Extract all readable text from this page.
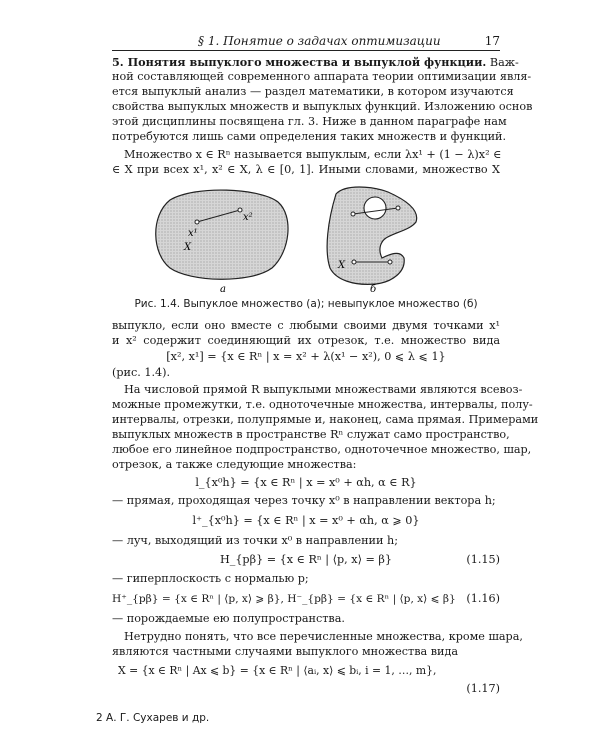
§ 1. Понятие о задачах оптимизации	17
5. Понятия выпуклого множества и выпуклой функции. Важ-
ной составляющей современного аппарата теории оптимизации явля-
ется выпуклый анализ — раздел математики, в котором изучаются
свойства выпуклых множеств и выпуклых функций. Изложению основ
этой дисциплины посвящена гл. 3. Ниже в данном параграфе нам
потребуются лишь сами определения таких множеств и функций.
Множество x ∈ Rⁿ называется выпуклым, если λx¹ + (1 − λ)x² ∈
∈ X при всех x¹, x² ∈ X, λ ∈ [0, 1]. Иными словами, множество X
x¹
x²
X
а
X
б
Рис. 1.4. Выпуклое множество (а); невыпуклое множество (б)
выпукло, если оно вместе с любыми своими двумя точками x¹
и x² содержит соединяющий их отрезок, т.е. множество вида
[x², x¹] = {x ∈ Rⁿ | x = x² + λ(x¹ − x²), 0 ⩽ λ ⩽ 1}
(рис. 1.4).
На числовой прямой R выпуклыми множествами являются всевоз-
можные промежутки, т.е. одноточечные множества, интервалы, полу-
интервалы, отрезки, полупрямые и, наконец, сама прямая. Примерами
выпуклых множеств в пространстве Rⁿ служат само пространство,
любое его линейное подпространство, одноточечное множество, шар,
отрезок, а также следующие множества:
l_{x⁰h} = {x ∈ Rⁿ | x = x⁰ + αh, α ∈ R}
— прямая, проходящая через точку x⁰ в направлении вектора h;
l⁺_{x⁰h} = {x ∈ Rⁿ | x = x⁰ + αh, α ⩾ 0}
— луч, выходящий из точки x⁰ в направлении h;
H_{pβ} = {x ∈ Rⁿ | ⟨p, x⟩ = β}	(1.15)
— гиперплоскость с нормалью p;
H⁺_{pβ} = {x ∈ Rⁿ | ⟨p, x⟩ ⩾ β}, H⁻_{pβ} = {x ∈ Rⁿ | ⟨p, x⟩ ⩽ β} (1.16)
— порождаемые ею полупространства.
Нетрудно понять, что все перечисленные множества, кроме шара,
являются частными случаями выпуклого множества вида
X = {x ∈ Rⁿ | Ax ⩽ b} = {x ∈ Rⁿ | ⟨aᵢ, x⟩ ⩽ bᵢ, i = 1, …, m},
(1.17)
2 А. Г. Сухарев и др.
